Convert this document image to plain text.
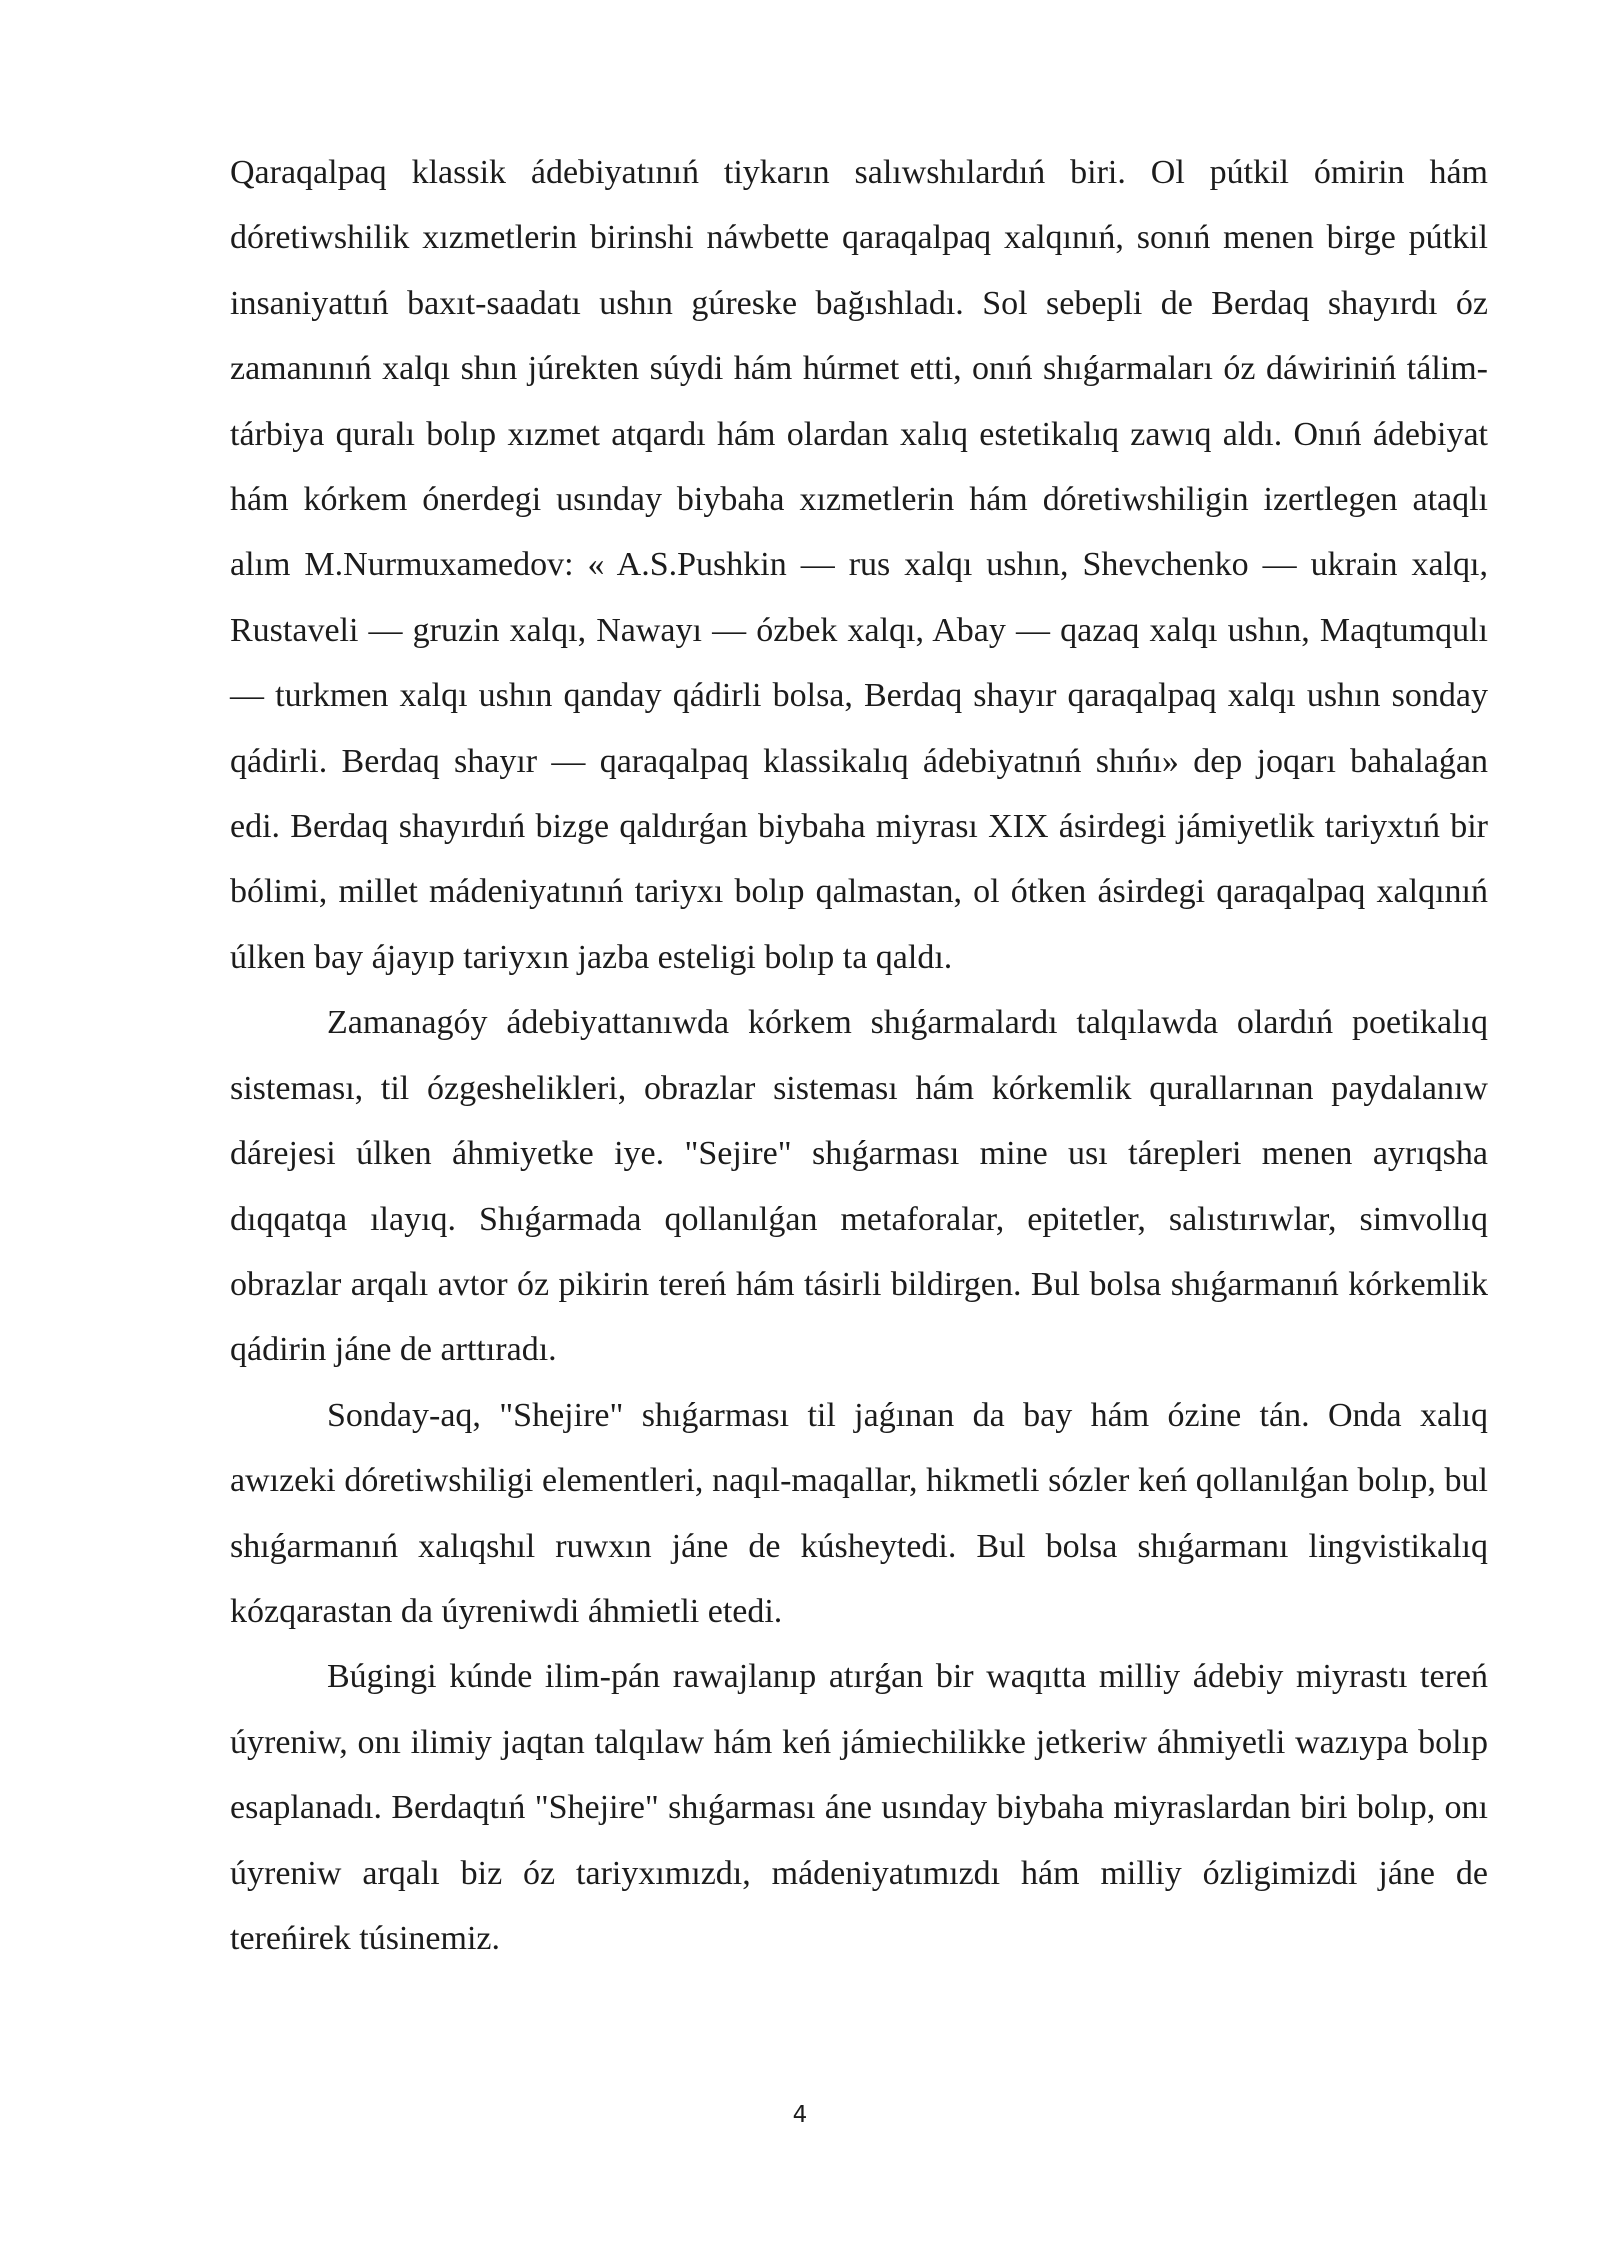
Qaraqalpaq klassik ádebiyatınıń tiykarın salıwshılardıń biri. Ol pútkil ómirin hám dóretiwshilik xızmetlerin birinshi náwbette qaraqalpaq xalqınıń, sonıń menen birge pútkil insaniyattıń baxıt-saadatı ushın gúreske bağıshladı. Sol sebepli de Berdaq shayırdı óz zamanınıń xalqı shın júrekten súydi hám húrmet etti, onıń shıǵarmaları óz dáwiriniń tálim-tárbiya quralı bolıp xızmet atqardı hám olardan xalıq estetikalıq zawıq aldı. Onıń ádebiyat hám kórkem ónerdegi usınday biybaha xızmetlerin hám dóretiwshiligin izertlegen ataqlı alım M.Nurmuxamedov: « A.S.Pushkin — rus xalqı ushın, Shevchenko — ukrain xalqı, Rustaveli — gruzin xalqı, Nawayı — ózbek xalqı, Abay — qazaq xalqı ushın, Maqtumqulı — turkmen xalqı ushın qanday qádirli bolsa, Berdaq shayır qaraqalpaq xalqı ushın sonday qádirli. Berdaq shayır — qaraqalpaq klassikalıq ádebiyatnıń shıńı» dep joqarı bahalaǵan edi. Berdaq shayırdıń bizge qaldırǵan biybaha miyrası XIX ásirdegi jámiyetlik tariyxtıń bir bólimi, millet mádeniyatınıń tariyxı bolıp qalmastan, ol ótken ásirdegi qaraqalpaq xalqınıń úlken bay ájayıp tariyxın jazba esteligi bolıp ta qaldı.

Zamanagóy ádebiyattanıwda kórkem shıǵarmalardı talqılawda olardıń poetikalıq sisteması, til ózgeshelikleri, obrazlar sisteması hám kórkemlik qurallarınan paydalanıw dárejesi úlken áhmiyetke iye. "Sejire" shıǵarması mine usı tárepleri menen ayrıqsha dıqqatqa ılayıq. Shıǵarmada qollanılǵan metaforalar, epitetler, salıstırıwlar, simvollıq obrazlar arqalı avtor óz pikirin tereń hám tásirli bildirgen. Bul bolsa shıǵarmanıń kórkemlik qádirin jáne de arttıradı.

Sonday-aq, "Shejire" shıǵarması til jaǵınan da bay hám ózine tán. Onda xalıq awızeki dóretiwshiligi elementleri, naqıl-maqallar, hikmetli sózler keń qollanılǵan bolıp, bul shıǵarmanıń xalıqshıl ruwxın jáne de kúsheytedi. Bul bolsa shıǵarmanı lingvistikalıq kózqarastan da úyreniwdi áhmietli etedi.

Búgingi kúnde ilim-pán rawajlanıp atırǵan bir waqıtta milliy ádebiy miyrastı tereń úyreniw, onı ilimiy jaqtan talqılaw hám keń jámiechilikke jetkeriw áhmiyetli wazıypa bolıp esaplanadı. Berdaqtıń "Shejire" shıǵarması áne usınday biybaha miyraslardan biri bolıp, onı úyreniw arqalı biz óz tariyxımızdı, mádeniyatımızdı hám milliy ózligimizdi jáne de tereńirek túsinemiz.

4
